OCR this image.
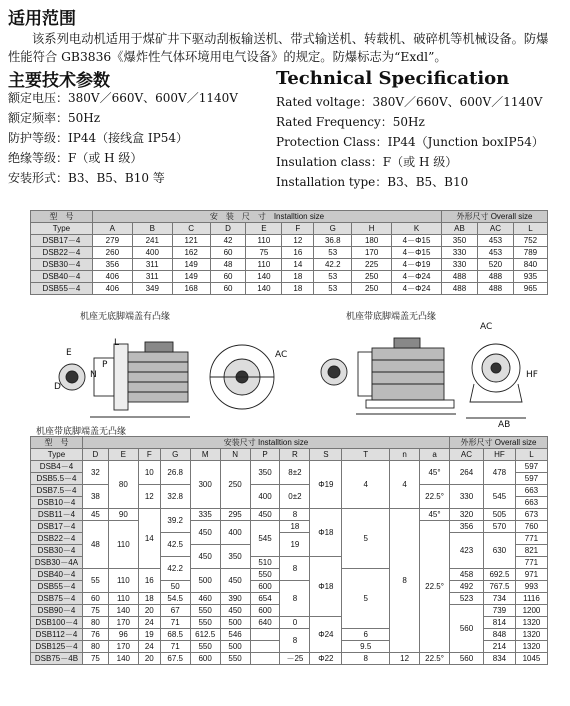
适用范围
该系列电动机适用于煤矿井下驱动刮板输送机、带式输送机、转载机、破碎机等机械设备。防爆性能符合 GB3836《爆炸性气体环境用电气设备》的规定。防爆标志为“Exdl”。
主要技术参数
额定电压：380V／660V、600V／1140V
额定频率：50Hz
防护等级：IP44（接线盒 IP54）
绝缘等级：F（或 H 级）
安装形式：B3、B5、B10 等
Technical Specification
Rated voltage：380V／660V、600V／1140V
Rated Frequency：50Hz
Protection Class：IP44（Junction boxIP54）
Insulation class：F（或 H 级）
Installation type：B3、B5、B10
型　号	安　装　尺　寸　Installtion size									外形尺寸 Overall size		
Type	A	B	C	D	E	F	G	H	K	AB	AC	L
DSB17－4	279	241	121	42	110	12	36.8	180	4－Φ15	350	453	752
DSB22－4	260	400	162	60	75	16	53	170	4－Φ15	330	453	789
DSB30－4	356	311	149	48	110	14	42.2	225	4－Φ19	330	520	840
DSB40－4	406	311	149	60	140	18	53	250	4－Φ24	488	488	935
DSB55－4	406	349	168	60	140	18	53	250	4－Φ24	488	488	965
机座无底脚端盖有凸缘	机座带底脚端盖无凸缘
E
D
L
N
P
AC
AC
HF
AB
机座带底脚端盖无凸缘
型　号	安装尺寸 Installtion size												外形尺寸 Overall size		
Type	D	E	F	G	M	N	P	R	S	T	n	a	AC	HF	L
DSB4－4	32	80	10	26.8	300	250	350	8±2	Φ19	4	4	45°	264	478	597
DSB5.5－4															597
DSB7.5－4	38		12	32.8			400	0±2				22.5°	330	545	663
DSB10－4															663
DSB11－4	45	90	14	39.2	335	295	450	8	Φ18	5	8	45°	320	505	673
DSB17－4	48	110			450	400	545	18				22.5°	356	570	760
DSB22－4				42.5				19					423	630	771
DSB30－4					450	350									821
DSB30－4A				42.2			510	8	Φ18						771
DSB40－4	55	110	16		500	450	550			5			458	692.5	971
DSB55－4				50			600	8					492	767.5	993
DSB75－4	60	110	18	54.5	460	390	654						523	734	1116
DSB90－4	75	140	20	67	550	450	600						560	739	1200
DSB100－4	80	170	24	71	550	500	640	0	Φ24					814	1320
DSB112－4	76	96	19	68.5	612.5	546		8		6				848	1320
DSB125－4	80	170	24	71	550	500				9.5				214	1320
DSB75－4B	75	140	20	67.5	600	550		－25	Φ22	8	12	22.5°	560	834	1045
